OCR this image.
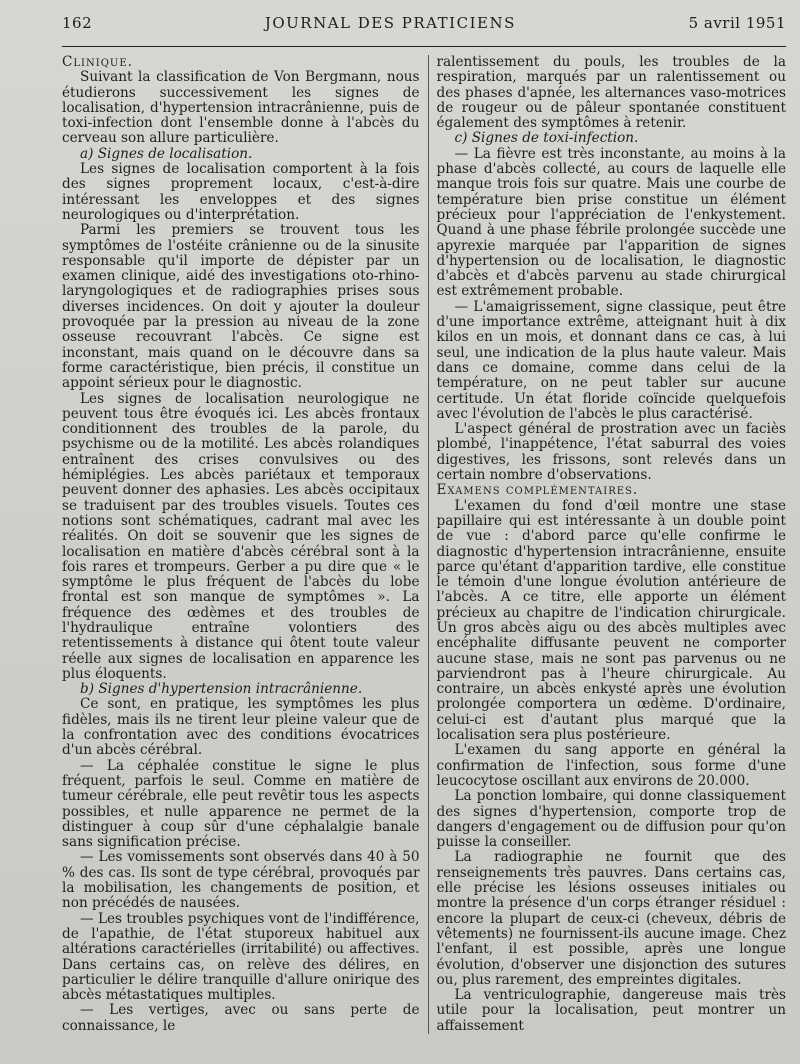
162	JOURNAL DES PRATICIENS	5 avril 1951

Clinique.

Suivant la classification de Von Bergmann, nous étudierons successivement les signes de localisation, d'hypertension intracrânienne, puis de toxi-infection dont l'ensemble donne à l'abcès du cerveau son allure particulière.

a) Signes de localisation.

Les signes de localisation comportent à la fois des signes proprement locaux, c'est-à-dire intéressant les enveloppes et des signes neurologiques ou d'interprétation.

Parmi les premiers se trouvent tous les symptômes de l'ostéite crânienne ou de la sinusite responsable qu'il importe de dépister par un examen clinique, aidé des investigations oto-rhino-laryngologiques et de radiographies prises sous diverses incidences. On doit y ajouter la douleur provoquée par la pression au niveau de la zone osseuse recouvrant l'abcès. Ce signe est inconstant, mais quand on le découvre dans sa forme caractéristique, bien précis, il constitue un appoint sérieux pour le diagnostic.

Les signes de localisation neurologique ne peuvent tous être évoqués ici. Les abcès frontaux conditionnent des troubles de la parole, du psychisme ou de la motilité. Les abcès rolandiques entraînent des crises convulsives ou des hémiplégies. Les abcès pariétaux et temporaux peuvent donner des aphasies. Les abcès occipitaux se traduisent par des troubles visuels. Toutes ces notions sont schématiques, cadrant mal avec les réalités. On doit se souvenir que les signes de localisation en matière d'abcès cérébral sont à la fois rares et trompeurs. Gerber a pu dire que « le symptôme le plus fréquent de l'abcès du lobe frontal est son manque de symptômes ». La fréquence des œdèmes et des troubles de l'hydraulique entraîne volontiers des retentissements à distance qui ôtent toute valeur réelle aux signes de localisation en apparence les plus éloquents.

b) Signes d'hypertension intracrânienne.

Ce sont, en pratique, les symptômes les plus fidèles, mais ils ne tirent leur pleine valeur que de la confrontation avec des conditions évocatrices d'un abcès cérébral.

— La céphalée constitue le signe le plus fréquent, parfois le seul. Comme en matière de tumeur cérébrale, elle peut revêtir tous les aspects possibles, et nulle apparence ne permet de la distinguer à coup sûr d'une céphalalgie banale sans signification précise.

— Les vomissements sont observés dans 40 à 50 % des cas. Ils sont de type cérébral, provoqués par la mobilisation, les changements de position, et non précédés de nausées.

— Les troubles psychiques vont de l'indifférence, de l'apathie, de l'état stuporeux habituel aux altérations caractérielles (irritabilité) ou affectives. Dans certains cas, on relève des délires, en particulier le délire tranquille d'allure onirique des abcès métastatiques multiples.

— Les vertiges, avec ou sans perte de connaissance, le

ralentissement du pouls, les troubles de la respiration, marqués par un ralentissement ou des phases d'apnée, les alternances vaso-motrices de rougeur ou de pâleur spontanée constituent également des symptômes à retenir.

c) Signes de toxi-infection.

— La fièvre est très inconstante, au moins à la phase d'abcès collecté, au cours de laquelle elle manque trois fois sur quatre. Mais une courbe de température bien prise constitue un élément précieux pour l'appréciation de l'enkystement. Quand à une phase fébrile prolongée succède une apyrexie marquée par l'apparition de signes d'hypertension ou de localisation, le diagnostic d'abcès et d'abcès parvenu au stade chirurgical est extrêmement probable.

— L'amaigrissement, signe classique, peut être d'une importance extrême, atteignant huit à dix kilos en un mois, et donnant dans ce cas, à lui seul, une indication de la plus haute valeur. Mais dans ce domaine, comme dans celui de la température, on ne peut tabler sur aucune certitude. Un état floride coïncide quelquefois avec l'évolution de l'abcès le plus caractérisé.

L'aspect général de prostration avec un faciès plombé, l'inappétence, l'état saburral des voies digestives, les frissons, sont relevés dans un certain nombre d'observations.

Examens complémentaires.

L'examen du fond d'œil montre une stase papillaire qui est intéressante à un double point de vue : d'abord parce qu'elle confirme le diagnostic d'hypertension intracrânienne, ensuite parce qu'étant d'apparition tardive, elle constitue le témoin d'une longue évolution antérieure de l'abcès. A ce titre, elle apporte un élément précieux au chapitre de l'indication chirurgicale. Un gros abcès aigu ou des abcès multiples avec encéphalite diffusante peuvent ne comporter aucune stase, mais ne sont pas parvenus ou ne parviendront pas à l'heure chirurgicale. Au contraire, un abcès enkysté après une évolution prolongée comportera un œdème. D'ordinaire, celui-ci est d'autant plus marqué que la localisation sera plus postérieure.

L'examen du sang apporte en général la confirmation de l'infection, sous forme d'une leucocytose oscillant aux environs de 20.000.

La ponction lombaire, qui donne classiquement des signes d'hypertension, comporte trop de dangers d'engagement ou de diffusion pour qu'on puisse la conseiller.

La radiographie ne fournit que des renseignements très pauvres. Dans certains cas, elle précise les lésions osseuses initiales ou montre la présence d'un corps étranger résiduel : encore la plupart de ceux-ci (cheveux, débris de vêtements) ne fournissent-ils aucune image. Chez l'enfant, il est possible, après une longue évolution, d'observer une disjonction des sutures ou, plus rarement, des empreintes digitales.

La ventriculographie, dangereuse mais très utile pour la localisation, peut montrer un affaissement
